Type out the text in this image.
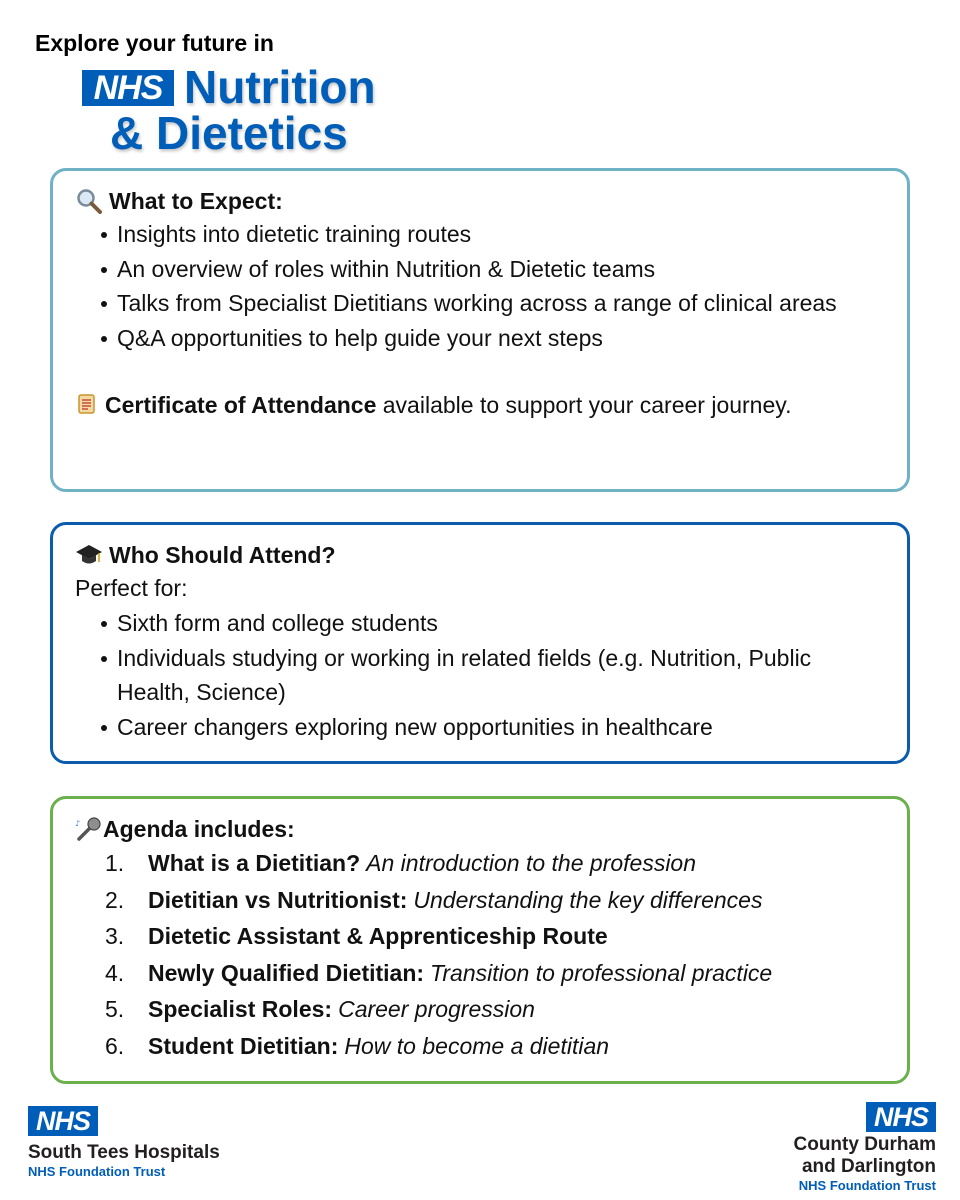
Explore your future in
NHS Nutrition
& Dietetics
What to Expect:
Insights into dietetic training routes
An overview of roles within Nutrition & Dietetic teams
Talks from Specialist Dietitians working across a range of clinical areas
Q&A opportunities to help guide your next steps
Certificate of Attendance available to support your career journey.
Who Should Attend?
Perfect for:
Sixth form and college students
Individuals studying or working in related fields (e.g. Nutrition, Public Health, Science)
Career changers exploring new opportunities in healthcare
♪ Agenda includes:
1.	What is a Dietitian? An introduction to the profession
2.	Dietitian vs Nutritionist: Understanding the key differences
3.	Dietetic Assistant & Apprenticeship Route
4.	Newly Qualified Dietitian: Transition to professional practice
5.	Specialist Roles: Career progression
6.	Student Dietitian: How to become a dietitian
NHS
South Tees Hospitals
NHS Foundation Trust
NHS
County Durham
and Darlington
NHS Foundation Trust
